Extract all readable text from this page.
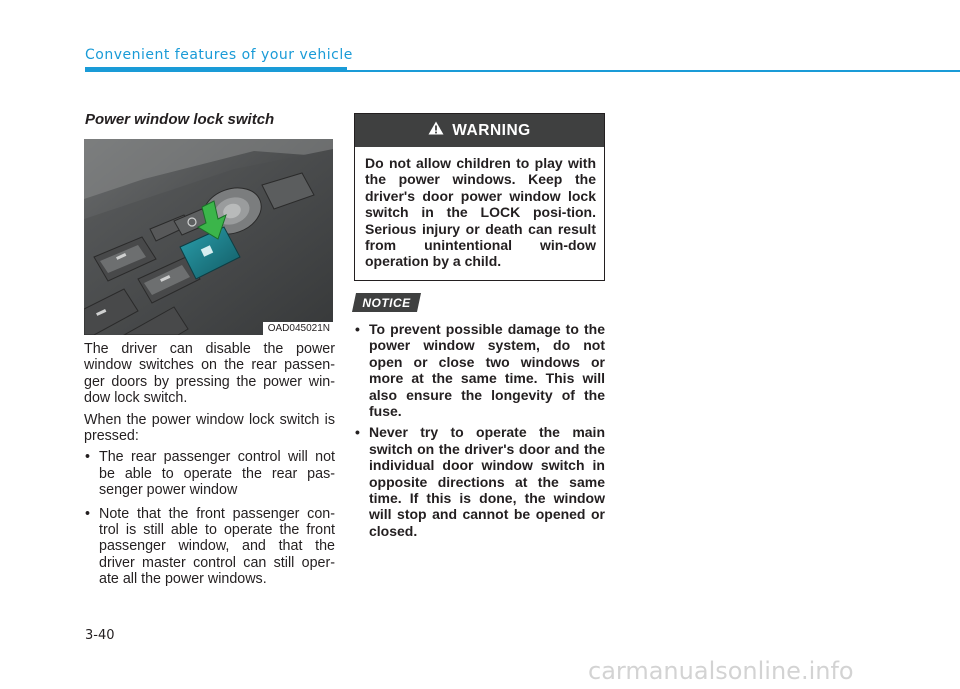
Convenient features of your vehicle
Power window lock switch
OAD045021N

The driver can disable the power window switches on the rear passen-ger doors by pressing the power win-dow lock switch.

When the power window lock switch is pressed:

• The rear passenger control will not be able to operate the rear pas-senger power window
• Note that the front passenger con-trol is still able to operate the front passenger window, and that the driver master control can still oper-ate all the power windows.
WARNING
Do not allow children to play with the power windows. Keep the driver's door power window lock switch in the LOCK posi-tion. Serious injury or death can result from unintentional win-dow operation by a child.
NOTICE
• To prevent possible damage to the power window system, do not open or close two windows or more at the same time. This will also ensure the longevity of the fuse.
• Never try to operate the main switch on the driver's door and the individual door window switch in opposite directions at the same time. If this is done, the window will stop and cannot be opened or closed.
3-40
carmanualsonline.info
